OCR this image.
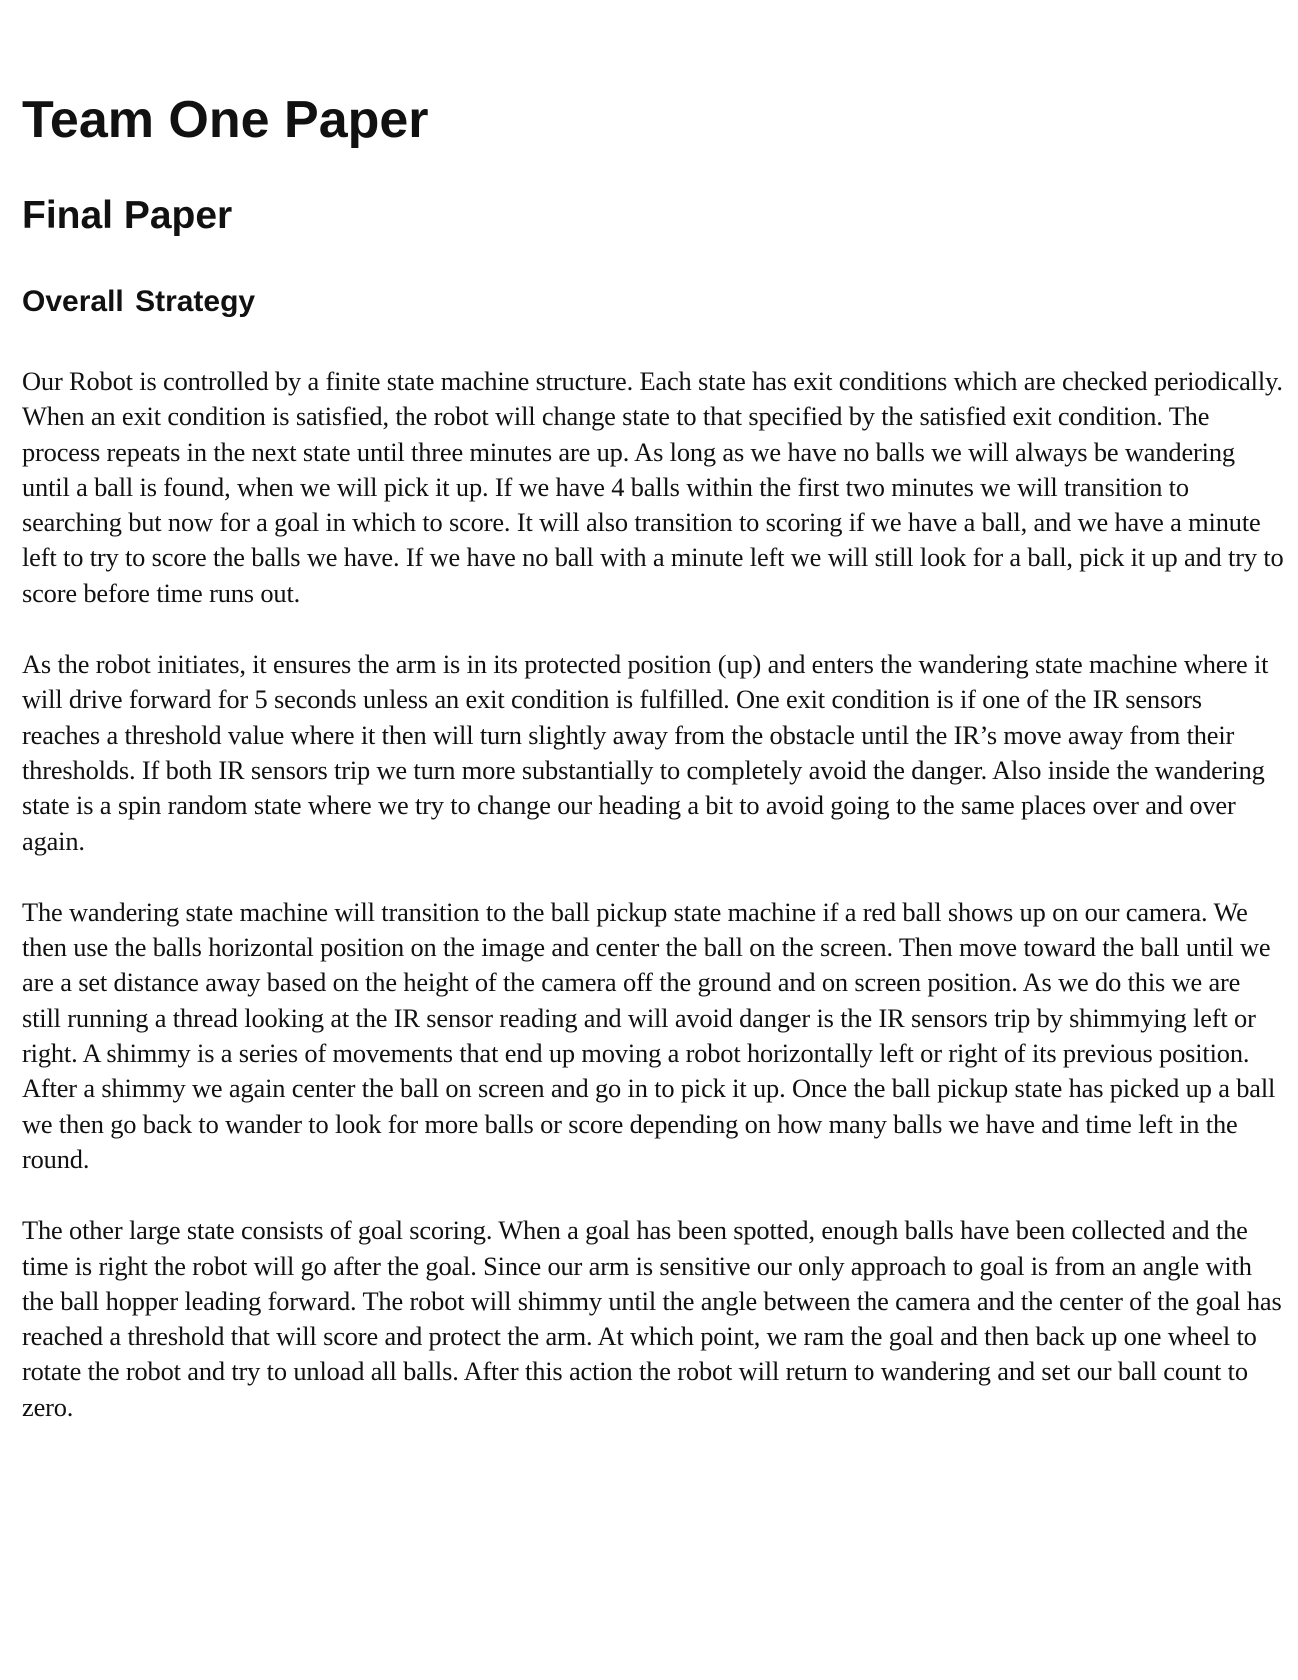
Team One Paper
Final Paper
Overall Strategy

Our Robot is controlled by a finite state machine structure. Each state has exit conditions which are checked periodically. When an exit condition is satisfied, the robot will change state to that specified by the satisfied exit condition. The process repeats in the next state until three minutes are up. As long as we have no balls we will always be wandering until a ball is found, when we will pick it up. If we have 4 balls within the first two minutes we will transition to searching but now for a goal in which to score. It will also transition to scoring if we have a ball, and we have a minute left to try to score the balls we have. If we have no ball with a minute left we will still look for a ball, pick it up and try to score before time runs out.

As the robot initiates, it ensures the arm is in its protected position (up) and enters the wandering state machine where it will drive forward for 5 seconds unless an exit condition is fulfilled. One exit condition is if one of the IR sensors reaches a threshold value where it then will turn slightly away from the obstacle until the IR’s move away from their thresholds. If both IR sensors trip we turn more substantially to completely avoid the danger. Also inside the wandering state is a spin random state where we try to change our heading a bit to avoid going to the same places over and over again.

The wandering state machine will transition to the ball pickup state machine if a red ball shows up on our camera. We then use the balls horizontal position on the image and center the ball on the screen. Then move toward the ball until we are a set distance away based on the height of the camera off the ground and on screen position. As we do this we are still running a thread looking at the IR sensor reading and will avoid danger is the IR sensors trip by shimmying left or right. A shimmy is a series of movements that end up moving a robot horizontally left or right of its previous position. After a shimmy we again center the ball on screen and go in to pick it up. Once the ball pickup state has picked up a ball we then go back to wander to look for more balls or score depending on how many balls we have and time left in the round.

The other large state consists of goal scoring. When a goal has been spotted, enough balls have been collected and the time is right the robot will go after the goal. Since our arm is sensitive our only approach to goal is from an angle with the ball hopper leading forward. The robot will shimmy until the angle between the camera and the center of the goal has reached a threshold that will score and protect the arm. At which point, we ram the goal and then back up one wheel to rotate the robot and try to unload all balls. After this action the robot will return to wandering and set our ball count to zero.
